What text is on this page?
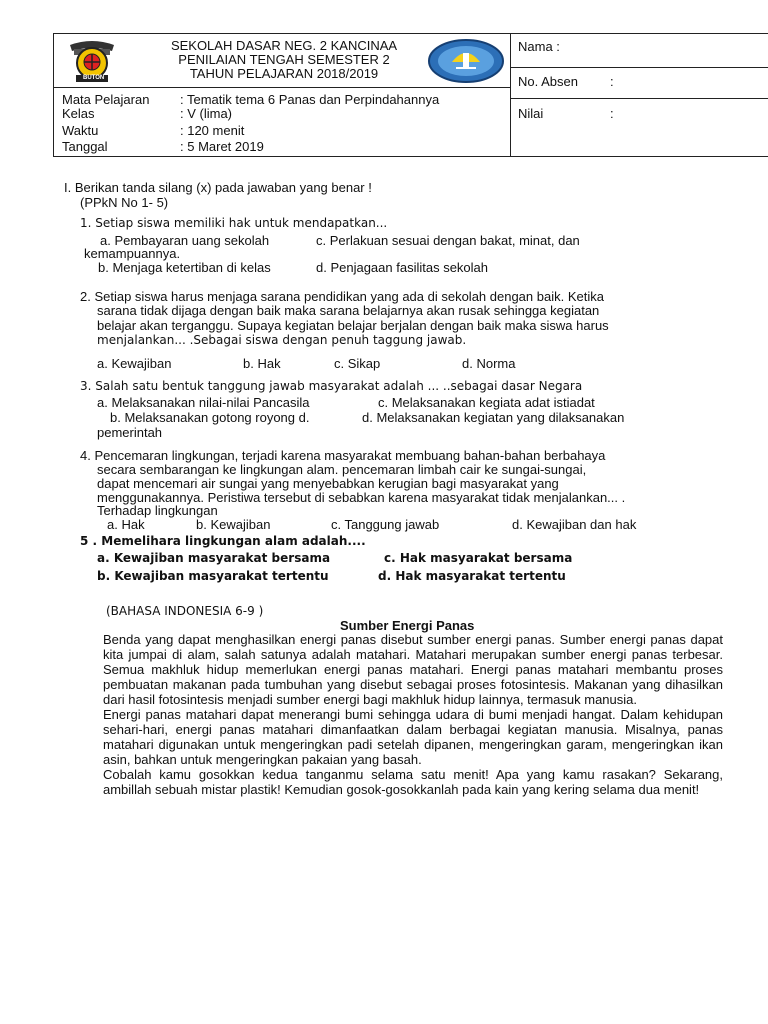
BUTON
SEKOLAH DASAR NEG. 2 KANCINAA
PENILAIAN TENGAH SEMESTER 2
TAHUN PELAJARAN 2018/2019
Nama :
No. Absen :
Nilai	:
Mata Pelajaran : Tematik tema 6 Panas dan Perpindahannya
Kelas	: V (lima)
Waktu	: 120 menit
Tanggal	: 5 Maret 2019
I. Berikan tanda silang (x) pada jawaban yang benar !
(PPkN No 1- 5)
1. Setiap siswa memiliki hak untuk mendapatkan...
a. Pembayaran uang sekolah	c. Perlakuan sesuai dengan bakat, minat, dan
kemampuannya.
b. Menjaga ketertiban di kelas	d. Penjagaan fasilitas sekolah
2. Setiap siswa harus menjaga sarana pendidikan yang ada di sekolah dengan baik. Ketika
sarana tidak dijaga dengan baik maka sarana belajarnya akan rusak sehingga kegiatan
belajar akan terganggu. Supaya kegiatan belajar berjalan dengan baik maka siswa harus
menjalankan... .Sebagai siswa dengan penuh taggung jawab.
a. Kewajiban	b. Hak	c. Sikap	d. Norma
3. Salah satu bentuk tanggung jawab masyarakat adalah ... ..sebagai dasar Negara
a. Melaksanakan nilai-nilai Pancasila	c. Melaksanakan kegiata adat istiadat
b. Melaksanakan gotong royong d.	d. Melaksanakan kegiatan yang dilaksanakan
pemerintah
4. Pencemaran lingkungan, terjadi karena masyarakat membuang bahan-bahan berbahaya
secara sembarangan ke lingkungan alam. pencemaran limbah cair ke sungai-sungai,
dapat mencemari air sungai yang menyebabkan kerugian bagi masyarakat yang
menggunakannya. Peristiwa tersebut di sebabkan karena masyarakat tidak menjalankan... .
Terhadap lingkungan
a. Hak	b. Kewajiban	c. Tanggung jawab	d. Kewajiban dan hak
5 . Memelihara lingkungan alam adalah....
a. Kewajiban masyarakat bersama	c. Hak masyarakat bersama
b. Kewajiban masyarakat tertentu	d. Hak masyarakat tertentu
(BAHASA INDONESIA 6-9 )
Sumber Energi Panas

Benda yang dapat menghasilkan energi panas disebut sumber energi panas. Sumber energi panas dapat kita jumpai di alam, salah satunya adalah matahari. Matahari merupakan sumber energi panas terbesar. Semua makhluk hidup memerlukan energi panas matahari. Energi panas matahari membantu proses pembuatan makanan pada tumbuhan yang disebut sebagai proses fotosintesis. Makanan yang dihasilkan dari hasil fotosintesis menjadi sumber energi bagi makhluk hidup lainnya, termasuk manusia.

Energi panas matahari dapat menerangi bumi sehingga udara di bumi menjadi hangat. Dalam kehidupan sehari-hari, energi panas matahari dimanfaatkan dalam berbagai kegiatan manusia. Misalnya, panas matahari digunakan untuk mengeringkan padi setelah dipanen, mengeringkan garam, mengeringkan ikan asin, bahkan untuk mengeringkan pakaian yang basah.

Cobalah kamu gosokkan kedua tanganmu selama satu menit! Apa yang kamu rasakan? Sekarang, ambillah sebuah mistar plastik! Kemudian gosok-gosokkanlah pada kain yang kering selama dua menit!
